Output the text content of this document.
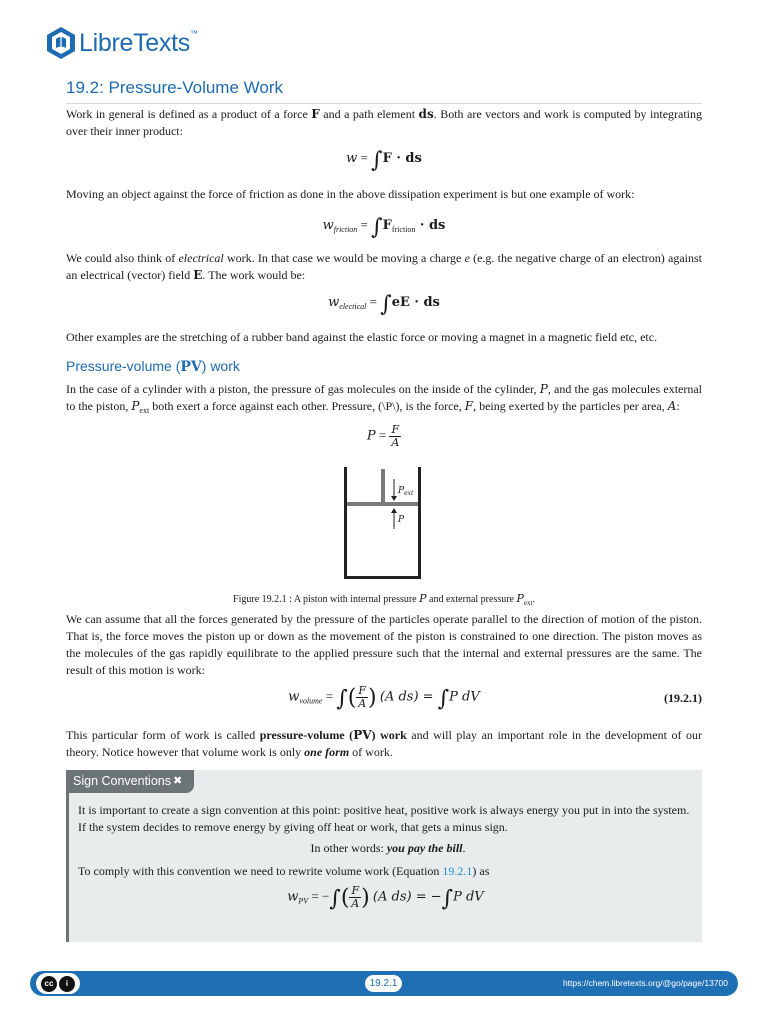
LibreTexts™
19.2: Pressure-Volume Work

Work in general is defined as a product of a force F and a path element ds. Both are vectors and work is computed by integrating over their inner product:

w = ∫F · ds

Moving an object against the force of friction as done in the above dissipation experiment is but one example of work:

$w_{friction} = \int F_{friction}$ · ds

We could also think of electrical work. In that case we would be moving a charge e (e.g. the negative charge of an electron) against an electrical (vector) field E. The work would be:

$w_{electical} = \int eE$ · ds

Other examples are the stretching of a rubber band against the elastic force or moving a magnet in a magnetic field etc, etc.

Pressure-volume (PV) work

In the case of a cylinder with a piston, the pressure of gas molecules on the inside of the cylinder, P, and the gas molecules external to the piston, $P_{ext}$ both exert a force against each other. Pressure, (\P\), is the force, F, being exerted by the particles per area, A:

$P = \frac{F}{A}$
$P_{ext}$
P
Figure 19.2.1 : A piston with internal pressure P and external pressure $P_{ext}$.

We can assume that all the forces generated by the pressure of the particles operate parallel to the direction of motion of the piston. That is, the force moves the piston up or down as the movement of the piston is constrained to one direction. The piston moves as the molecules of the gas rapidly equilibrate to the applied pressure such that the internal and external pressures are the same. The result of this motion is work:

$w_{volume}$ = ∫( $\frac{F}{A}$ ) (A ds) = ∫P dV	(19.2.1)

This particular form of work is called pressure-volume (PV) work and will play an important role in the development of our theory. Notice however that volume work is only one form of work.

Sign Conventions ✖

It is important to create a sign convention at this point: positive heat, positive work is always energy you put in into the system. If the system decides to remove energy by giving off heat or work, that gets a minus sign.

In other words: you pay the bill.

To comply with this convention we need to rewrite volume work (Equation 19.2.1) as

$w_{PV}$ = −∫( $\frac{F}{A}$ ) (A ds) = −∫P dV
cc	i	19.2.1	https://chem.libretexts.org/@go/page/13700
